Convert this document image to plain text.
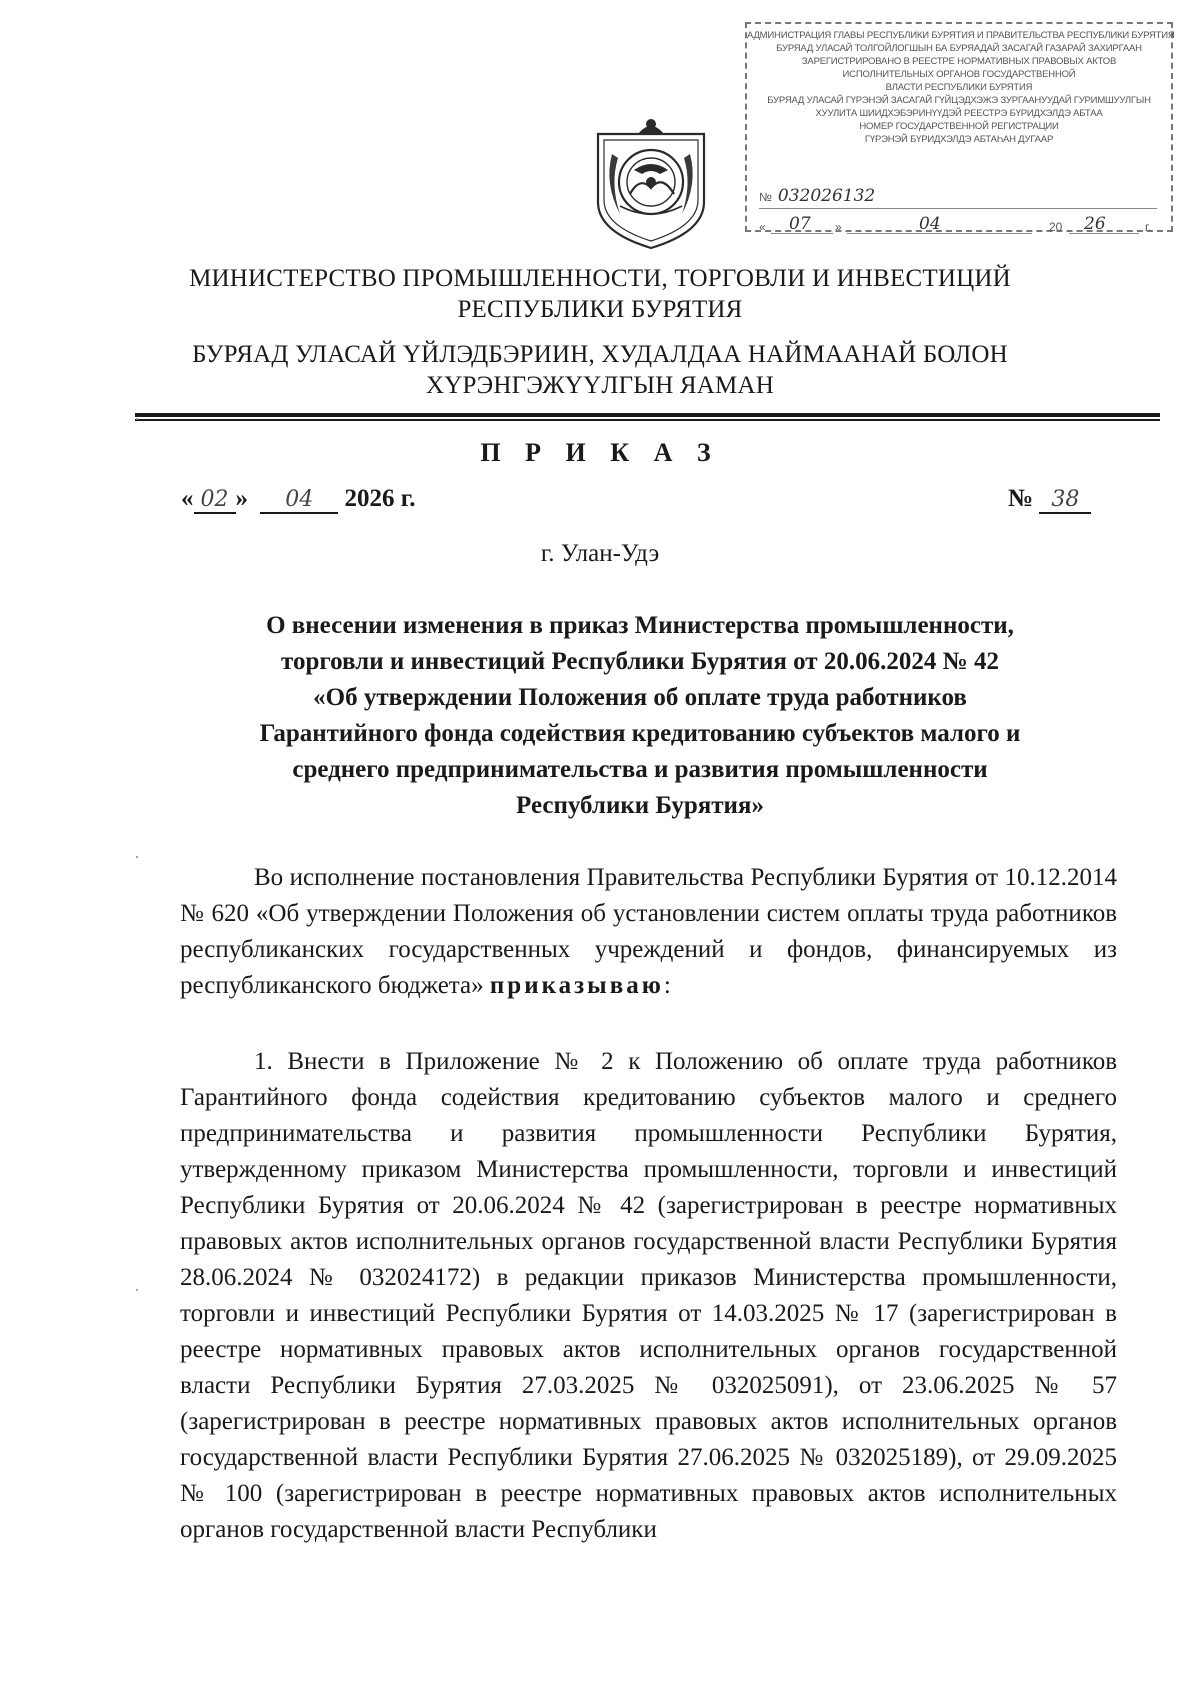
АДМИНИСТРАЦИЯ ГЛАВЫ РЕСПУБЛИКИ БУРЯТИЯ И ПРАВИТЕЛЬСТВА РЕСПУБЛИКИ БУРЯТИЯ
БУРЯАД УЛАСАЙ ТОЛГОЙЛОГШЫН БА БУРЯАДАЙ ЗАСАГАЙ ГАЗАРАЙ ЗАХИРГААН
ЗАРЕГИСТРИРОВАНО В РЕЕСТРЕ НОРМАТИВНЫХ ПРАВОВЫХ АКТОВ
ИСПОЛНИТЕЛЬНЫХ ОРГАНОВ ГОСУДАРСТВЕННОЙ
ВЛАСТИ РЕСПУБЛИКИ БУРЯТИЯ
БУРЯАД УЛАСАЙ ГҮРЭНЭЙ ЗАСАГАЙ ГҮЙЦЭДХЭЖЭ ЗУРГААНУУДАЙ ГУРИМШУУЛГЫН
ХУУЛИТА ШИИДХЭБЭРИНҮҮДЭЙ РЕЕСТРЭ БҮРИДХЭЛДЭ АБТАА
НОМЕР ГОСУДАРСТВЕННОЙ РЕГИСТРАЦИИ
ГҮРЭНЭЙ БҮРИДХЭЛДЭ АБТАҺАН ДУГААР
№ 032026132
« 07 »	04	20 26	г.
МИНИСТЕРСТВО ПРОМЫШЛЕННОСТИ, ТОРГОВЛИ И ИНВЕСТИЦИЙ
РЕСПУБЛИКИ БУРЯТИЯ
БУРЯАД УЛАСАЙ ҮЙЛЭДБЭРИИН, ХУДАЛДАА НАЙМААНАЙ БОЛОН
ХҮРЭНГЭЖҮҮЛГЫН ЯАМАН
П Р И К А З
« 02 » 04 2026 г.	№ 38
г. Улан-Удэ
О внесении изменения в приказ Министерства промышленности,
торговли и инвестиций Республики Бурятия от 20.06.2024 № 42
«Об утверждении Положения об оплате труда работников
Гарантийного фонда содействия кредитованию субъектов малого и
среднего предпринимательства и развития промышленности
Республики Бурятия»

Во исполнение постановления Правительства Республики Бурятия от 10.12.2014 № 620 «Об утверждении Положения об установлении систем оплаты труда работников республиканских государственных учреждений и фондов, финансируемых из республиканского бюджета» приказываю:

1. Внести в Приложение № 2 к Положению об оплате труда работников Гарантийного фонда содействия кредитованию субъектов малого и среднего предпринимательства и развития промышленности Республики Бурятия, утвержденному приказом Министерства промышленности, торговли и инвестиций Республики Бурятия от 20.06.2024 № 42 (зарегистрирован в реестре нормативных правовых актов исполнительных органов государственной власти Республики Бурятия 28.06.2024 № 032024172) в редакции приказов Министерства промышленности, торговли и инвестиций Республики Бурятия от 14.03.2025 № 17 (зарегистрирован в реестре нормативных правовых актов исполнительных органов государственной власти Республики Бурятия 27.03.2025 № 032025091), от 23.06.2025 № 57 (зарегистрирован в реестре нормативных правовых актов исполнительных органов государственной власти Республики Бурятия 27.06.2025 № 032025189), от 29.09.2025 № 100 (зарегистрирован в реестре нормативных правовых актов исполнительных органов государственной власти Республики
